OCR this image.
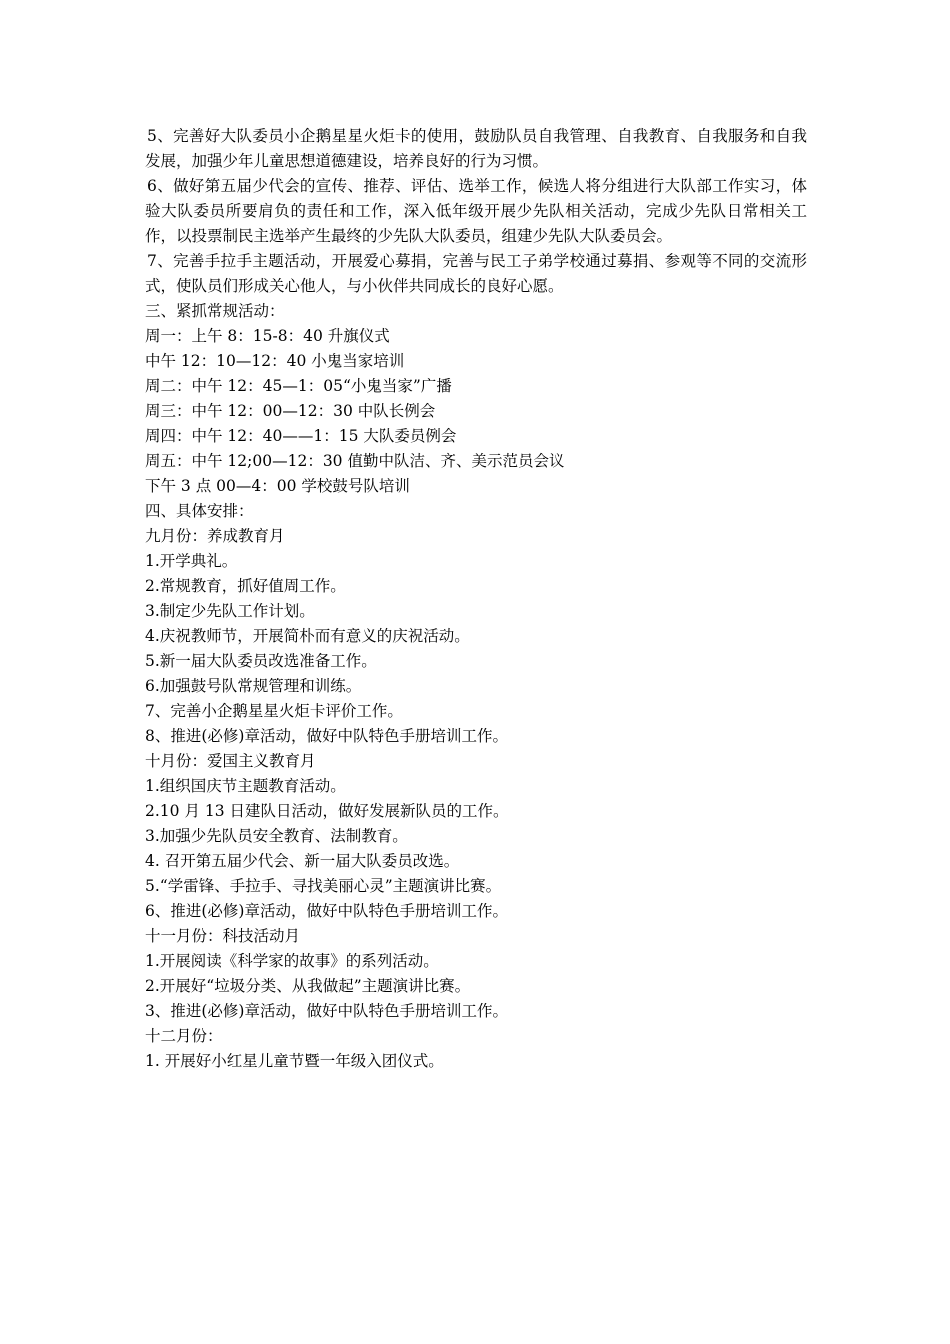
5、完善好大队委员小企鹅星星火炬卡的使用，鼓励队员自我管理、自我教育、自我服务和自我发展，加强少年儿童思想道德建设，培养良好的行为习惯。

6、做好第五届少代会的宣传、推荐、评估、选举工作，候选人将分组进行大队部工作实习，体验大队委员所要肩负的责任和工作，深入低年级开展少先队相关活动，完成少先队日常相关工作，以投票制民主选举产生最终的少先队大队委员，组建少先队大队委员会。

7、完善手拉手主题活动，开展爱心募捐，完善与民工子弟学校通过募捐、参观等不同的交流形式，使队员们形成关心他人，与小伙伴共同成长的良好心愿。

三、紧抓常规活动：

周一：上午 8：15-8：40 升旗仪式

中午 12：10—12：40 小鬼当家培训

周二：中午 12：45—1：05“小鬼当家”广播

周三：中午 12：00—12：30 中队长例会

周四：中午 12：40——1：15 大队委员例会

周五：中午 12;00—12：30 值勤中队洁、齐、美示范员会议

下午 3 点 00—4：00 学校鼓号队培训

四、具体安排：

九月份：养成教育月

1.开学典礼。

2.常规教育，抓好值周工作。

3.制定少先队工作计划。

4.庆祝教师节，开展简朴而有意义的庆祝活动。

5.新一届大队委员改选准备工作。

6.加强鼓号队常规管理和训练。

7、完善小企鹅星星火炬卡评价工作。

8、推进(必修)章活动，做好中队特色手册培训工作。

十月份：爱国主义教育月

1.组织国庆节主题教育活动。

2.10 月 13 日建队日活动，做好发展新队员的工作。

3.加强少先队员安全教育、法制教育。

4. 召开第五届少代会、新一届大队委员改选。

5.“学雷锋、手拉手、寻找美丽心灵”主题演讲比赛。

6、推进(必修)章活动，做好中队特色手册培训工作。

十一月份：科技活动月

1.开展阅读《科学家的故事》的系列活动。

2.开展好“垃圾分类、从我做起”主题演讲比赛。

3、推进(必修)章活动，做好中队特色手册培训工作。

十二月份：

1. 开展好小红星儿童节暨一年级入团仪式。
